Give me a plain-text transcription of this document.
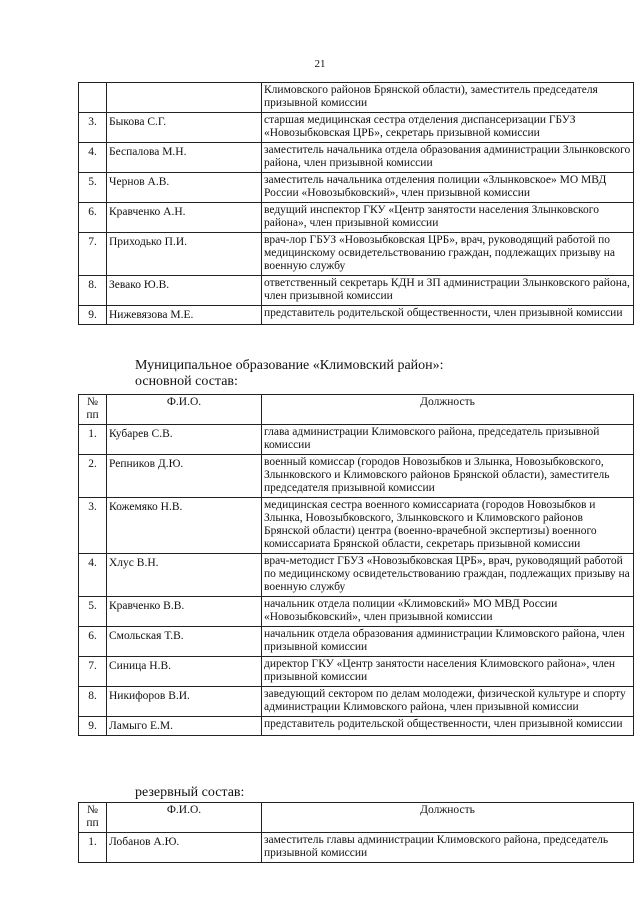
21
		Климовского районов Брянской области), заместитель председателя призывной комиссии
3.	Быкова С.Г.	старшая медицинская сестра отделения диспансеризации ГБУЗ «Новозыбковская ЦРБ», секретарь призывной комиссии
4.	Беспалова М.Н.	заместитель начальника отдела образования администрации Злынковского района, член призывной комиссии
5.	Чернов А.В.	заместитель начальника отделения полиции «Злынковское» МО МВД России «Новозыбковский», член призывной комиссии
6.	Кравченко А.Н.	ведущий инспектор ГКУ «Центр занятости населения Злынковского района», член призывной комиссии
7.	Приходько П.И.	врач-лор ГБУЗ «Новозыбковская ЦРБ», врач, руководящий работой по медицинскому освидетельствованию граждан, подлежащих призыву на военную службу
8.	Зевако Ю.В.	ответственный секретарь КДН и ЗП администрации Злынковского района, член призывной комиссии
9.	Нижевязова М.Е.	представитель родительской общественности, член призывной комиссии
Муниципальное образование «Климовский район»:
основной состав:
№ пп	Ф.И.О.	Должность
1.	Кубарев С.В.	глава администрации Климовского района, председатель призывной комиссии
2.	Репников Д.Ю.	военный комиссар (городов Новозыбков и Злынка, Новозыбковского, Злынковского и Климовского районов Брянской области), заместитель председателя призывной комиссии
3.	Кожемяко Н.В.	медицинская сестра военного комиссариата (городов Новозыбков и Злынка, Новозыбковского, Злынковского и Климовского районов Брянской области) центра (военно-врачебной экспертизы) военного комиссариата Брянской области, секретарь призывной комиссии
4.	Хлус В.Н.	врач-методист ГБУЗ «Новозыбковская ЦРБ», врач, руководящий работой по медицинскому освидетельствованию граждан, подлежащих призыву на военную службу
5.	Кравченко В.В.	начальник отдела полиции «Климовский» МО МВД России «Новозыбковский», член призывной комиссии
6.	Смольская Т.В.	начальник отдела образования администрации Климовского района, член призывной комиссии
7.	Синица Н.В.	директор ГКУ «Центр занятости населения Климовского района», член призывной комиссии
8.	Никифоров В.И.	заведующий сектором по делам молодежи, физической культуре и спорту администрации Климовского района, член призывной комиссии
9.	Ламыго Е.М.	представитель родительской общественности, член призывной комиссии
резервный состав:
№ пп	Ф.И.О.	Должность
1.	Лобанов А.Ю.	заместитель главы администрации Климовского района, председатель призывной комиссии
